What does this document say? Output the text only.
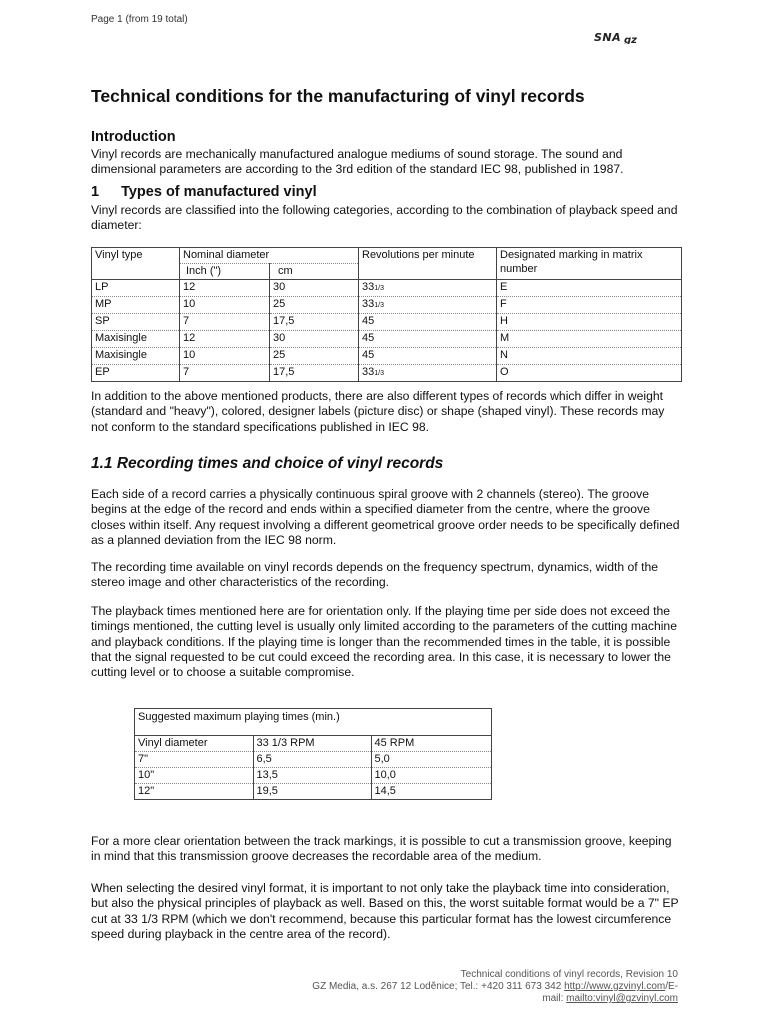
Page 1 (from 19 total)
SNA gz
Technical conditions for the manufacturing of vinyl records
Introduction

Vinyl records are mechanically manufactured analogue mediums of sound storage. The sound and dimensional parameters are according to the 3rd edition of the standard IEC 98, published in 1987.

1 Types of manufactured vinyl

Vinyl records are classified into the following categories, according to the combination of playback speed and diameter:

Vinyl type	Nominal diameter		Revolutions per minute	Designated marking in matrix number
	Inch (")	cm		
LP	12	30	331/3	E
MP	10	25	331/3	F
SP	7	17,5	45	H
Maxisingle	12	30	45	M
Maxisingle	10	25	45	N
EP	7	17,5	331/3	O

In addition to the above mentioned products, there are also different types of records which differ in weight (standard and "heavy"), colored, designer labels (picture disc) or shape (shaped vinyl). These records may not conform to the standard specifications published in IEC 98.

1.1 Recording times and choice of vinyl records

Each side of a record carries a physically continuous spiral groove with 2 channels (stereo). The groove begins at the edge of the record and ends within a specified diameter from the centre, where the groove closes within itself. Any request involving a different geometrical groove order needs to be specifically defined as a planned deviation from the IEC 98 norm.

The recording time available on vinyl records depends on the frequency spectrum, dynamics, width of the stereo image and other characteristics of the recording.

The playback times mentioned here are for orientation only. If the playing time per side does not exceed the timings mentioned, the cutting level is usually only limited according to the parameters of the cutting machine and playback conditions. If the playing time is longer than the recommended times in the table, it is possible that the signal requested to be cut could exceed the recording area. In this case, it is necessary to lower the cutting level or to choose a suitable compromise.

Suggested maximum playing times (min.)
Vinyl diameter	33 1/3 RPM	45 RPM
7"	6,5	5,0
10"	13,5	10,0
12"	19,5	14,5

For a more clear orientation between the track markings, it is possible to cut a transmission groove, keeping in mind that this transmission groove decreases the recordable area of the medium.

When selecting the desired vinyl format, it is important to not only take the playback time into consideration, but also the physical principles of playback as well. Based on this, the worst suitable format would be a 7" EP cut at 33 1/3 RPM (which we don't recommend, because this particular format has the lowest circumference speed during playback in the centre area of the record).

Technical conditions of vinyl records, Revision 10
GZ Media, a.s. 267 12 Loděnice; Tel.: +420 311 673 342 http://www.gzvinyl.com/E-
mail: mailto:vinyl@gzvinyl.com
